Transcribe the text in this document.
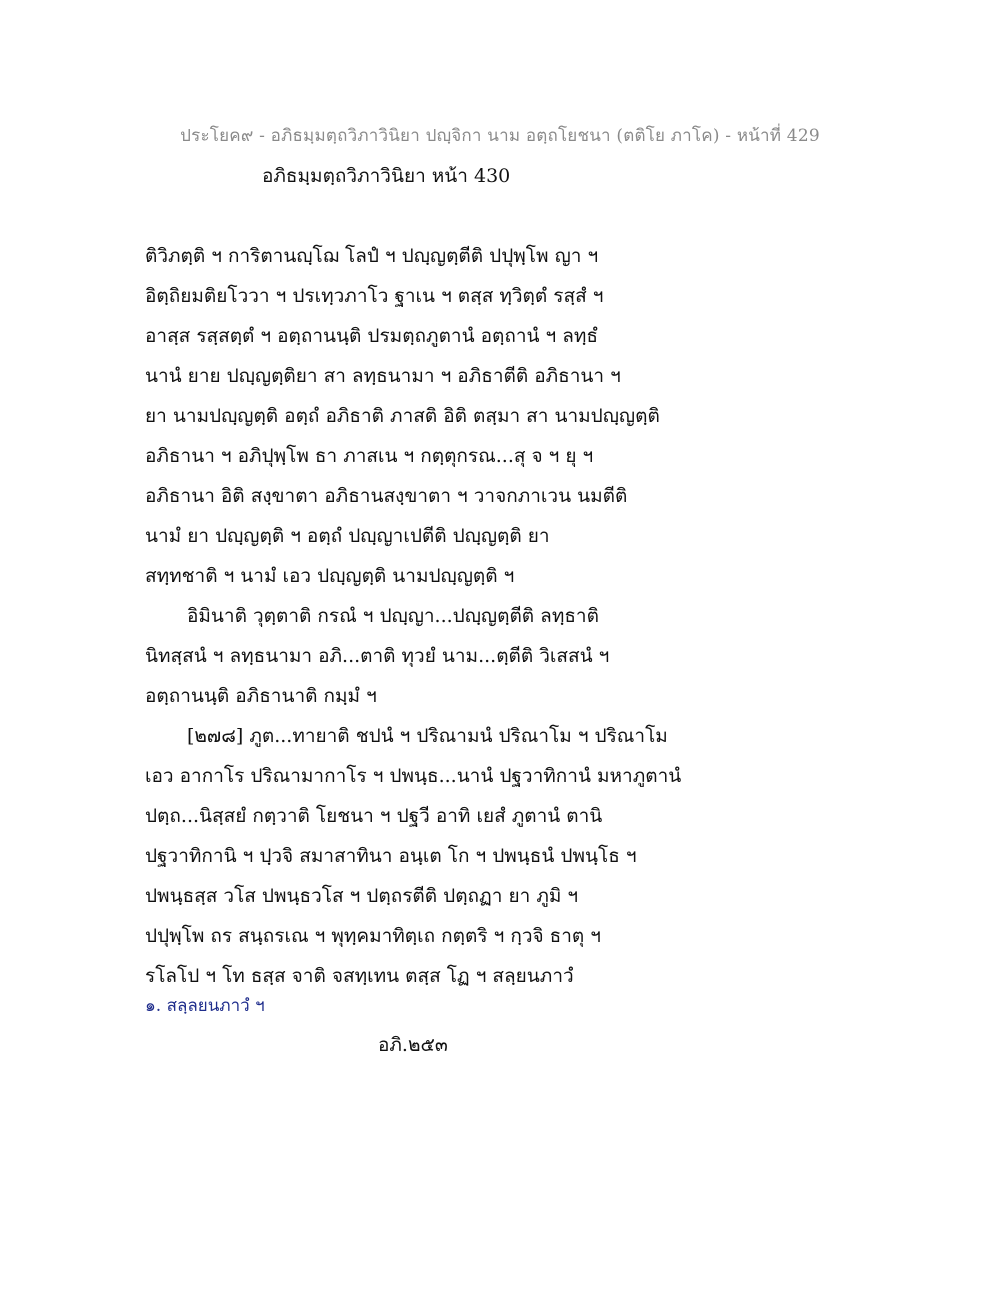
ประโยค๙ - อภิธมฺมตฺถวิภาวินิยา ปญฺจิกา นาม อตฺถโยชนา (ตติโย ภาโค) - หน้าที่ 429
อภิธมฺมตฺถวิภาวินิยา หน้า 430
ติวิภตฺติ ฯ การิตานญฺโฌ โลปํ ฯ ปญฺญตฺตีติ ปปุพฺโพ ญา ฯ
อิตฺถิยมติยโววา ฯ ปรเทฺวภาโว ฐาเน ฯ ตสฺส ทฺวิตฺตํ รสฺสํ ฯ
อาสฺส รสฺสตฺตํ ฯ อตฺถานนฺติ ปรมตฺถภูตานํ อตฺถานํ ฯ ลทฺธํ
นานํ ยาย ปญฺญตฺติยา สา ลทฺธนามา ฯ อภิธาตีติ อภิธานา ฯ
ยา นามปญฺญตฺติ อตฺถํ อภิธาติ ภาสติ อิติ ตสฺมา สา นามปญฺญตฺติ
อภิธานา ฯ อภิปุพฺโพ ธา ภาสเน ฯ กตฺตุกรณ...สุ จ ฯ ยุ ฯ
อภิธานา อิติ สงฺขาตา อภิธานสงฺขาตา ฯ วาจกภาเวน นมตีติ
นามํ ยา ปญฺญตฺติ ฯ อตฺถํ ปญฺญาเปตีติ ปญฺญตฺติ ยา
สทฺทชาติ ฯ นามํ เอว ปญฺญตฺติ นามปญฺญตฺติ ฯ
อิมินาติ วุตฺตาติ กรณํ ฯ ปญฺญา...ปญฺญตฺตีติ ลทฺธาติ
นิทสฺสนํ ฯ ลทฺธนามา อภิ...ตาติ ทุวยํ นาม...ตฺตีติ วิเสสนํ ฯ
อตฺถานนฺติ อภิธานาติ กมฺมํ ฯ
[๒๗๘] ภูต...ทายาติ ชปนํ ฯ ปริณามนํ ปริณาโม ฯ ปริณาโม
เอว อากาโร ปริณามากาโร ฯ ปพนฺธ...นานํ ปฐวาทิกานํ มหาภูตานํ
ปตฺถ...นิสฺสยํ กตฺวาติ โยชนา ฯ ปฐวี อาทิ เยสํ ภูตานํ ตานิ
ปฐวาทิกานิ ฯ ปฺวจิ สมาสาทินา อนฺเต โก ฯ ปพนฺธนํ ปพนฺโธ ฯ
ปพนฺธสฺส วโส ปพนฺธวโส ฯ ปตฺถรตีติ ปตฺถฏา ยา ภูมิ ฯ
ปปุพฺโพ ถร สนฺถรเณ ฯ พุทฺคมาทิตฺเถ กตฺตริ ฯ กฺวจิ ธาตุ ฯ
รโลโป ฯ โท ธสฺส จาติ จสทฺเทน ตสฺส โฏ ฯ สลฺยนภาวํ
๑. สลฺลยนภาวํ ฯ
อภิ.๒๕๓
